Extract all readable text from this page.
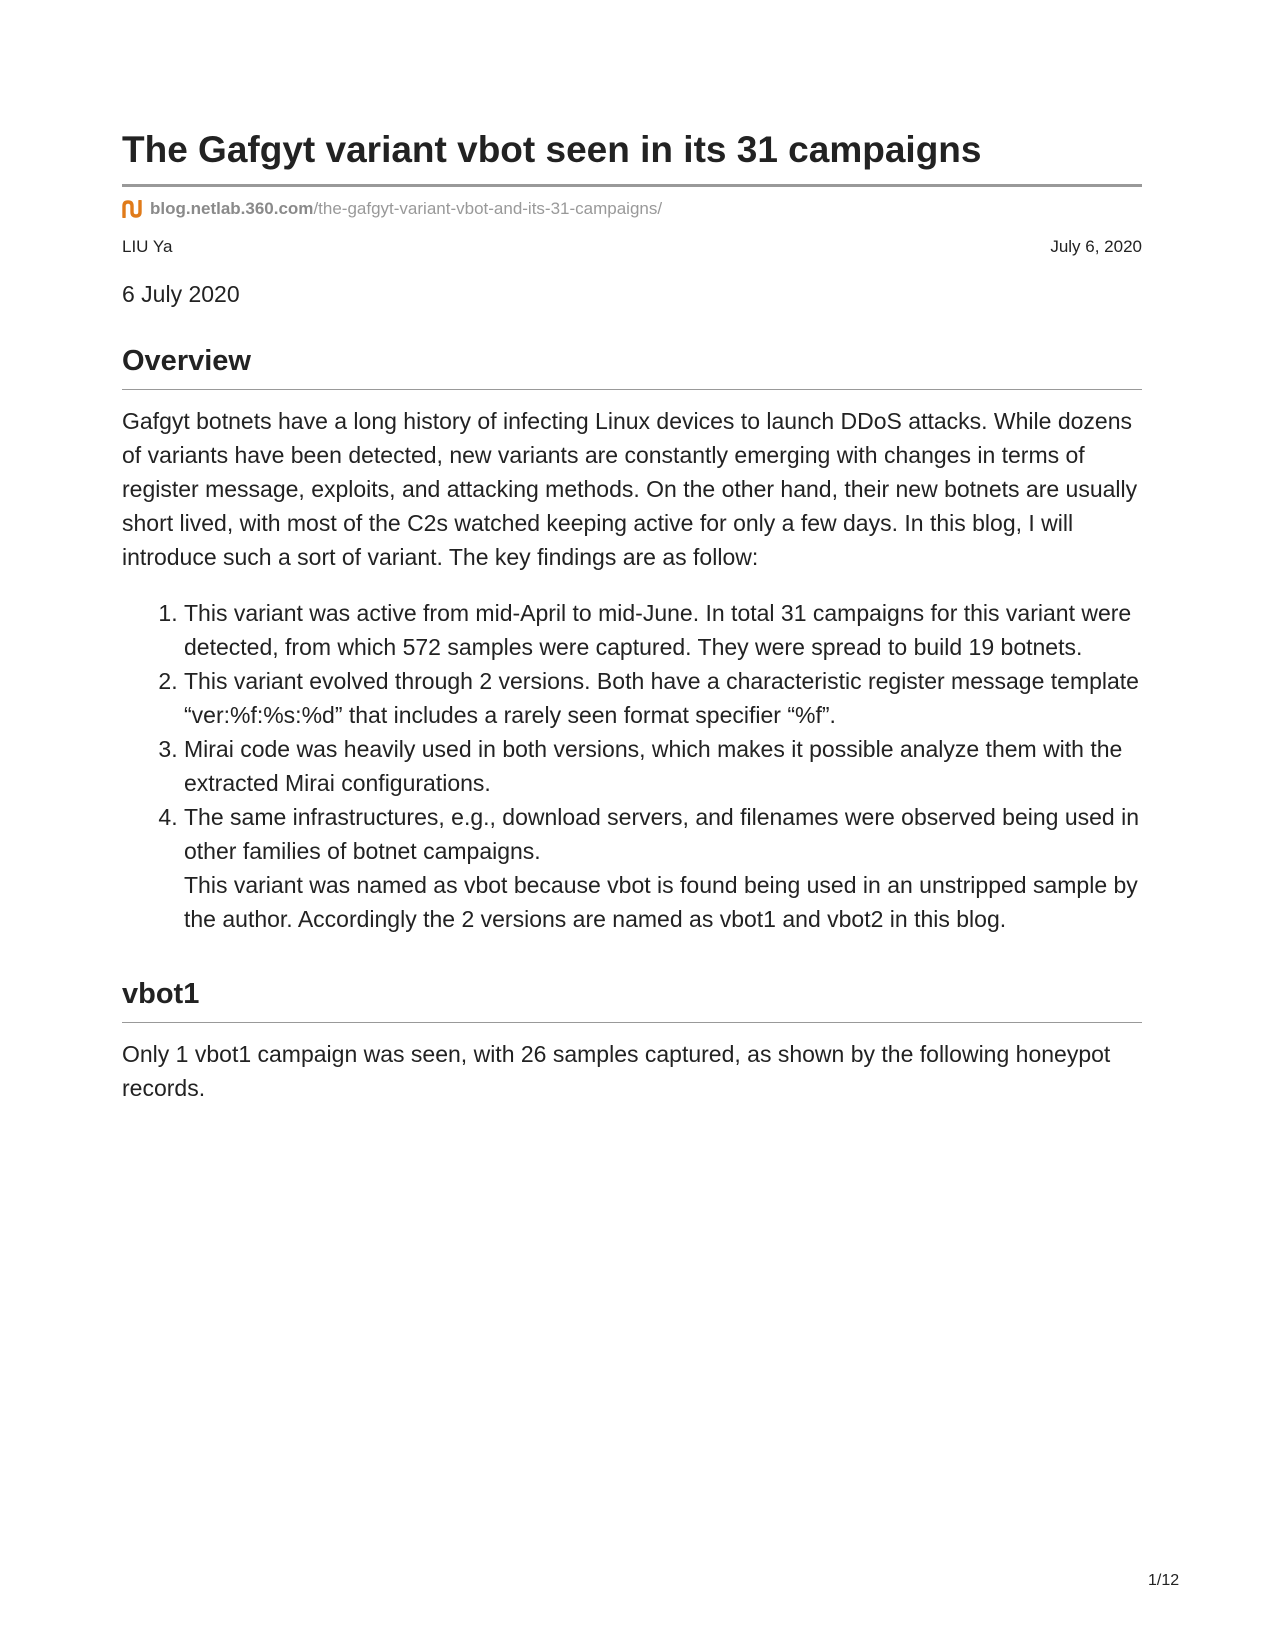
The Gafgyt variant vbot seen in its 31 campaigns
blog.netlab.360.com /the-gafgyt-variant-vbot-and-its-31-campaigns/
LIU Ya	July 6, 2020
6 July 2020
Overview

Gafgyt botnets have a long history of infecting Linux devices to launch DDoS attacks. While dozens of variants have been detected, new variants are constantly emerging with changes in terms of register message, exploits, and attacking methods. On the other hand, their new botnets are usually short lived, with most of the C2s watched keeping active for only a few days. In this blog, I will introduce such a sort of variant. The key findings are as follow:

1. This variant was active from mid-April to mid-June. In total 31 campaigns for this variant were detected, from which 572 samples were captured. They were spread to build 19 botnets.
2. This variant evolved through 2 versions. Both have a characteristic register message template “ver:%f:%s:%d” that includes a rarely seen format specifier “%f”.
3. Mirai code was heavily used in both versions, which makes it possible analyze them with the extracted Mirai configurations.
4. The same infrastructures, e.g., download servers, and filenames were observed being used in other families of botnet campaigns.
This variant was named as vbot because vbot is found being used in an unstripped sample by the author. Accordingly the 2 versions are named as vbot1 and vbot2 in this blog.
vbot1

Only 1 vbot1 campaign was seen, with 26 samples captured, as shown by the following honeypot records.

1/12
